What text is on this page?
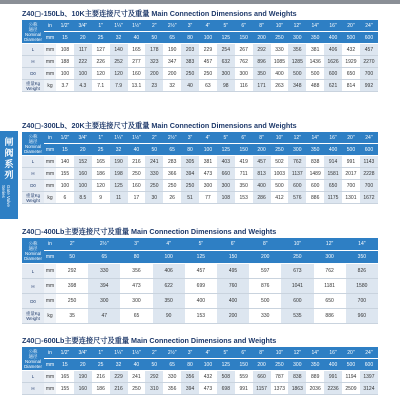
闸阀系列
Gate Valve Series
Z40▢-150Lb、10K主要连接尺寸及重量 Main Connection Dimensions and Weights
公称
通径
Nominal
Diameter	in	1/2"	3/4"	1"	1¼"	1½"	2"	2½"	3"	4"	5"	6"	8"	10"	12"	14"	16"	20"	24"
	mm	15	20	25	32	40	50	65	80	100	125	150	200	250	300	350	400	500	600
L	mm	108	117	127	140	165	178	190	203	229	254	267	292	330	356	381	406	432	457
H	mm	188	222	226	252	277	323	347	383	457	632	762	896	1085	1285	1436	1626	1929	2270
D0	mm	100	100	120	120	160	200	200	250	250	300	300	350	400	500	500	600	650	700
重量Kg Weight	kg	3.7	4.3	7.1	7.9	13.1	23	32	40	63	98	116	171	263	348	488	621	814	992
Z40▢-300Lb、20K主要连接尺寸及重量 Main Connection Dimensions and Weights
公称
通径
Nominal
Diameter	in	1/2"	3/4"	1"	1¼"	1½"	2"	2½"	3"	4"	5"	6"	8"	10"	12"	14"	16"	20"	24"
	mm	15	20	25	32	40	50	65	80	100	125	150	200	250	300	350	400	500	600
L	mm	140	152	165	190	216	241	283	305	381	403	419	457	502	762	838	914	991	1143
H	mm	155	160	186	198	250	330	366	394	473	660	711	813	1003	1137	1489	1581	2017	2228
D0	mm	100	100	120	125	160	250	250	250	300	300	350	400	500	600	600	650	700	700
重量Kg Weight	kg	6	8.5	9	11	17	30	26	51	77	108	153	286	412	576	886	1175	1301	1672
Z40▢-400Lb主要连接尺寸及重量 Main Connection Dimensions and Weights
公称
通径
Nominal
Diameter	in	2"	2½"	3"	4"	5"	6"	8"	10"	12"	14"
	mm	50	65	80	100	125	150	200	250	300	350
L	mm	292	330	356	406	457	495	597	673	762	826
H	mm	398	394	473	622	699	760	876	1041	1181	1580
D0	mm	250	300	300	350	400	400	500	600	650	700
重量Kg Weight	kg	35	47	65	90	153	200	330	535	886	960
Z40▢-600Lb主要连接尺寸及重量 Main Connection Dimensions and Weights
公称
通径
Nominal
Diameter	in	1/2"	3/4"	1"	1¼"	1½"	2"	2½"	3"	4"	5"	6"	8"	10"	12"	14"	16"	20"	24"
	mm	15	20	25	32	40	50	65	80	100	125	150	200	250	300	350	400	500	600
L	mm	165	190	216	229	241	292	330	356	432	508	559	660	787	838	889	991	1194	1397
H	mm	155	160	186	216	250	310	356	394	473	698	991	1157	1373	1863	2036	2236	2509	3124
